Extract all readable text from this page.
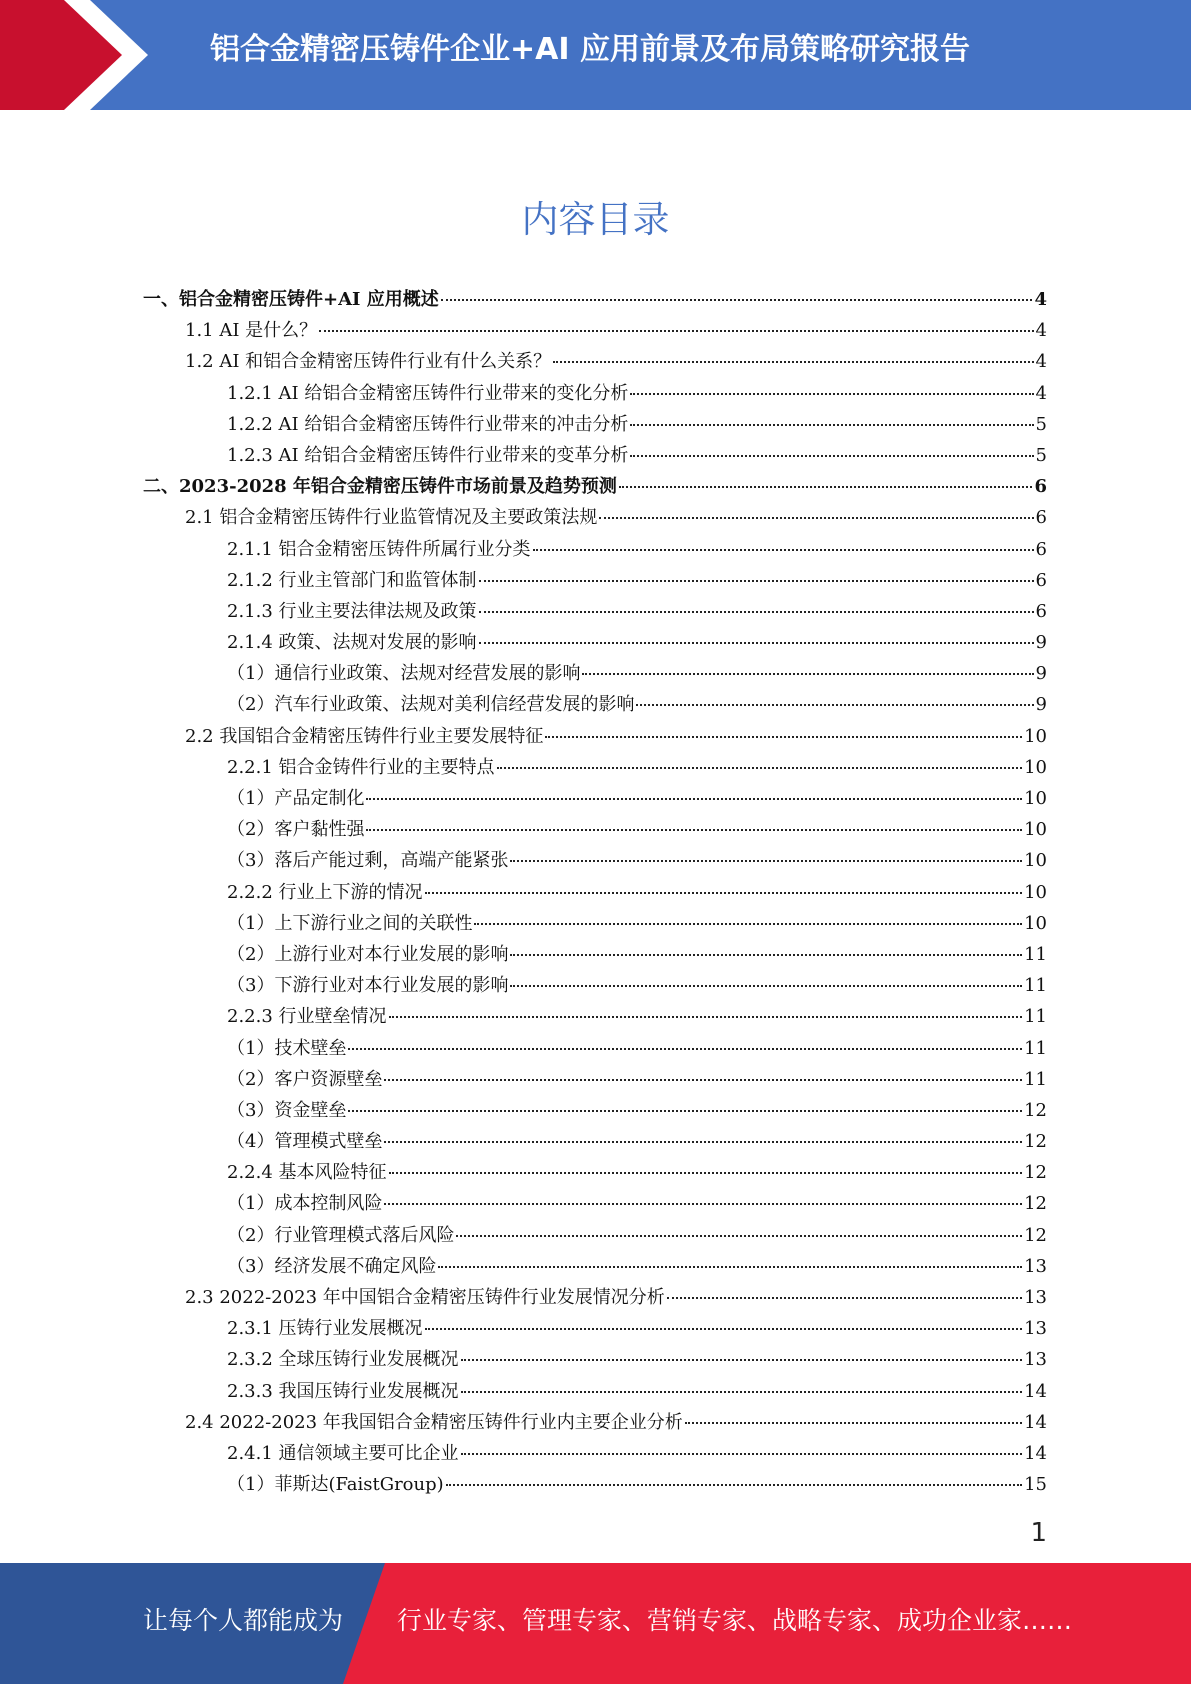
铝合金精密压铸件企业+AI 应用前景及布局策略研究报告
内容目录
一、铝合金精密压铸件+AI 应用概述	4
1.1 AI 是什么？	4
1.2 AI 和铝合金精密压铸件行业有什么关系？	4
1.2.1 AI 给铝合金精密压铸件行业带来的变化分析	4
1.2.2 AI 给铝合金精密压铸件行业带来的冲击分析	5
1.2.3 AI 给铝合金精密压铸件行业带来的变革分析	5
二、2023-2028 年铝合金精密压铸件市场前景及趋势预测	6
2.1 铝合金精密压铸件行业监管情况及主要政策法规	6
2.1.1 铝合金精密压铸件所属行业分类	6
2.1.2 行业主管部门和监管体制	6
2.1.3 行业主要法律法规及政策	6
2.1.4 政策、法规对发展的影响	9
（1）通信行业政策、法规对经营发展的影响	9
（2）汽车行业政策、法规对美利信经营发展的影响	9
2.2 我国铝合金精密压铸件行业主要发展特征	10
2.2.1 铝合金铸件行业的主要特点	10
（1）产品定制化	10
（2）客户黏性强	10
（3）落后产能过剩，高端产能紧张	10
2.2.2 行业上下游的情况	10
（1）上下游行业之间的关联性	10
（2）上游行业对本行业发展的影响	11
（3）下游行业对本行业发展的影响	11
2.2.3 行业壁垒情况	11
（1）技术壁垒	11
（2）客户资源壁垒	11
（3）资金壁垒	12
（4）管理模式壁垒	12
2.2.4 基本风险特征	12
（1）成本控制风险	12
（2）行业管理模式落后风险	12
（3）经济发展不确定风险	13
2.3 2022-2023 年中国铝合金精密压铸件行业发展情况分析	13
2.3.1 压铸行业发展概况	13
2.3.2 全球压铸行业发展概况	13
2.3.3 我国压铸行业发展概况	14
2.4 2022-2023 年我国铝合金精密压铸件行业内主要企业分析	14
2.4.1 通信领域主要可比企业	14
（1）菲斯达(FaistGroup)	15
1
让每个人都能成为 行业专家、管理专家、营销专家、战略专家、成功企业家……
